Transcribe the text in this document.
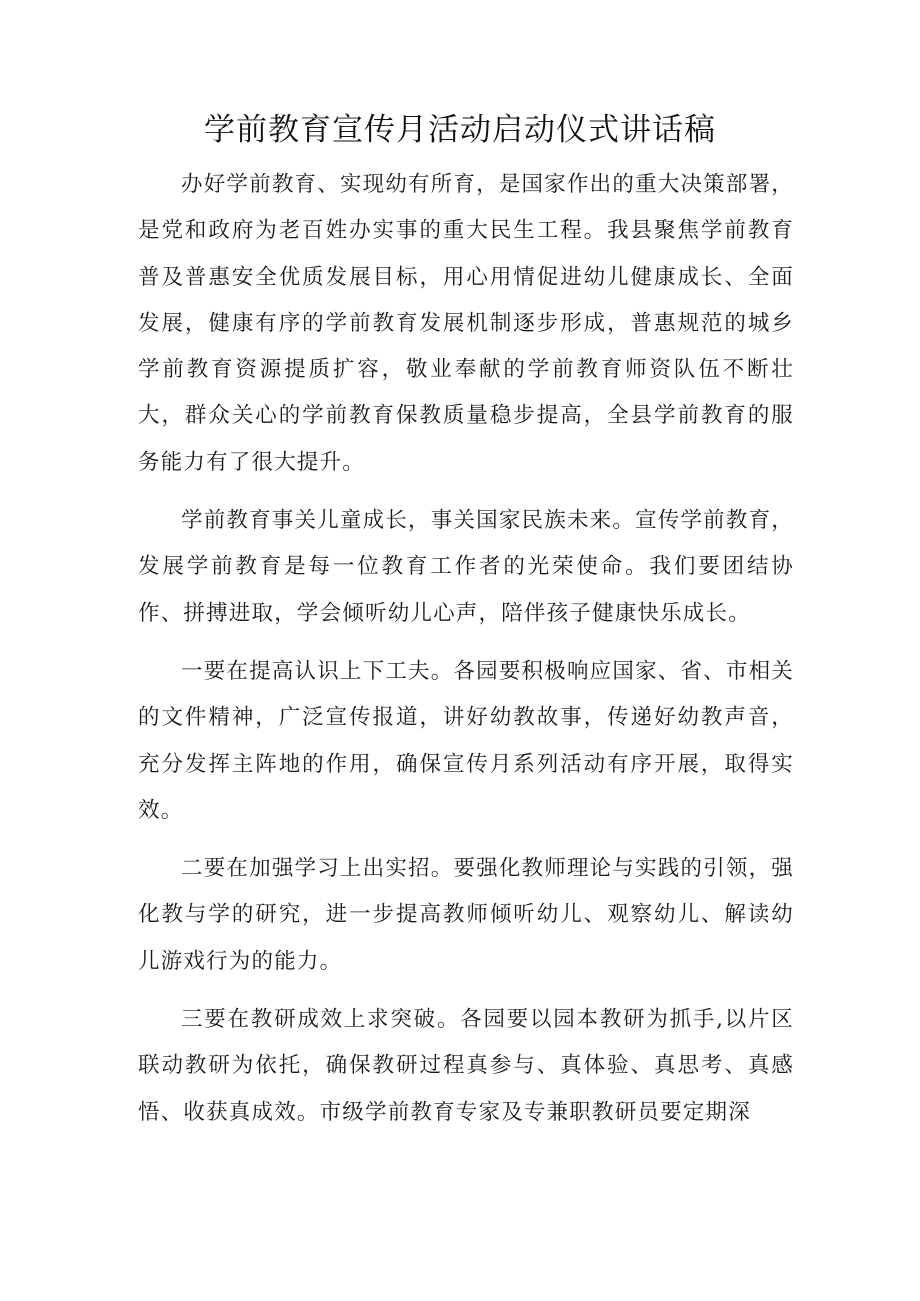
学前教育宣传月活动启动仪式讲话稿

办好学前教育、实现幼有所育，是国家作出的重大决策部署，是党和政府为老百姓办实事的重大民生工程。我县聚焦学前教育普及普惠安全优质发展目标，用心用情促进幼儿健康成长、全面发展，健康有序的学前教育发展机制逐步形成，普惠规范的城乡学前教育资源提质扩容，敬业奉献的学前教育师资队伍不断壮大，群众关心的学前教育保教质量稳步提高，全县学前教育的服务能力有了很大提升。

学前教育事关儿童成长，事关国家民族未来。宣传学前教育，发展学前教育是每一位教育工作者的光荣使命。我们要团结协作、拼搏进取，学会倾听幼儿心声，陪伴孩子健康快乐成长。

一要在提高认识上下工夫。各园要积极响应国家、省、市相关的文件精神，广泛宣传报道，讲好幼教故事，传递好幼教声音，充分发挥主阵地的作用，确保宣传月系列活动有序开展，取得实效。

二要在加强学习上出实招。要强化教师理论与实践的引领，强化教与学的研究，进一步提高教师倾听幼儿、观察幼儿、解读幼儿游戏行为的能力。

三要在教研成效上求突破。各园要以园本教研为抓手,以片区联动教研为依托，确保教研过程真参与、真体验、真思考、真感悟、收获真成效。市级学前教育专家及专兼职教研员要定期深
